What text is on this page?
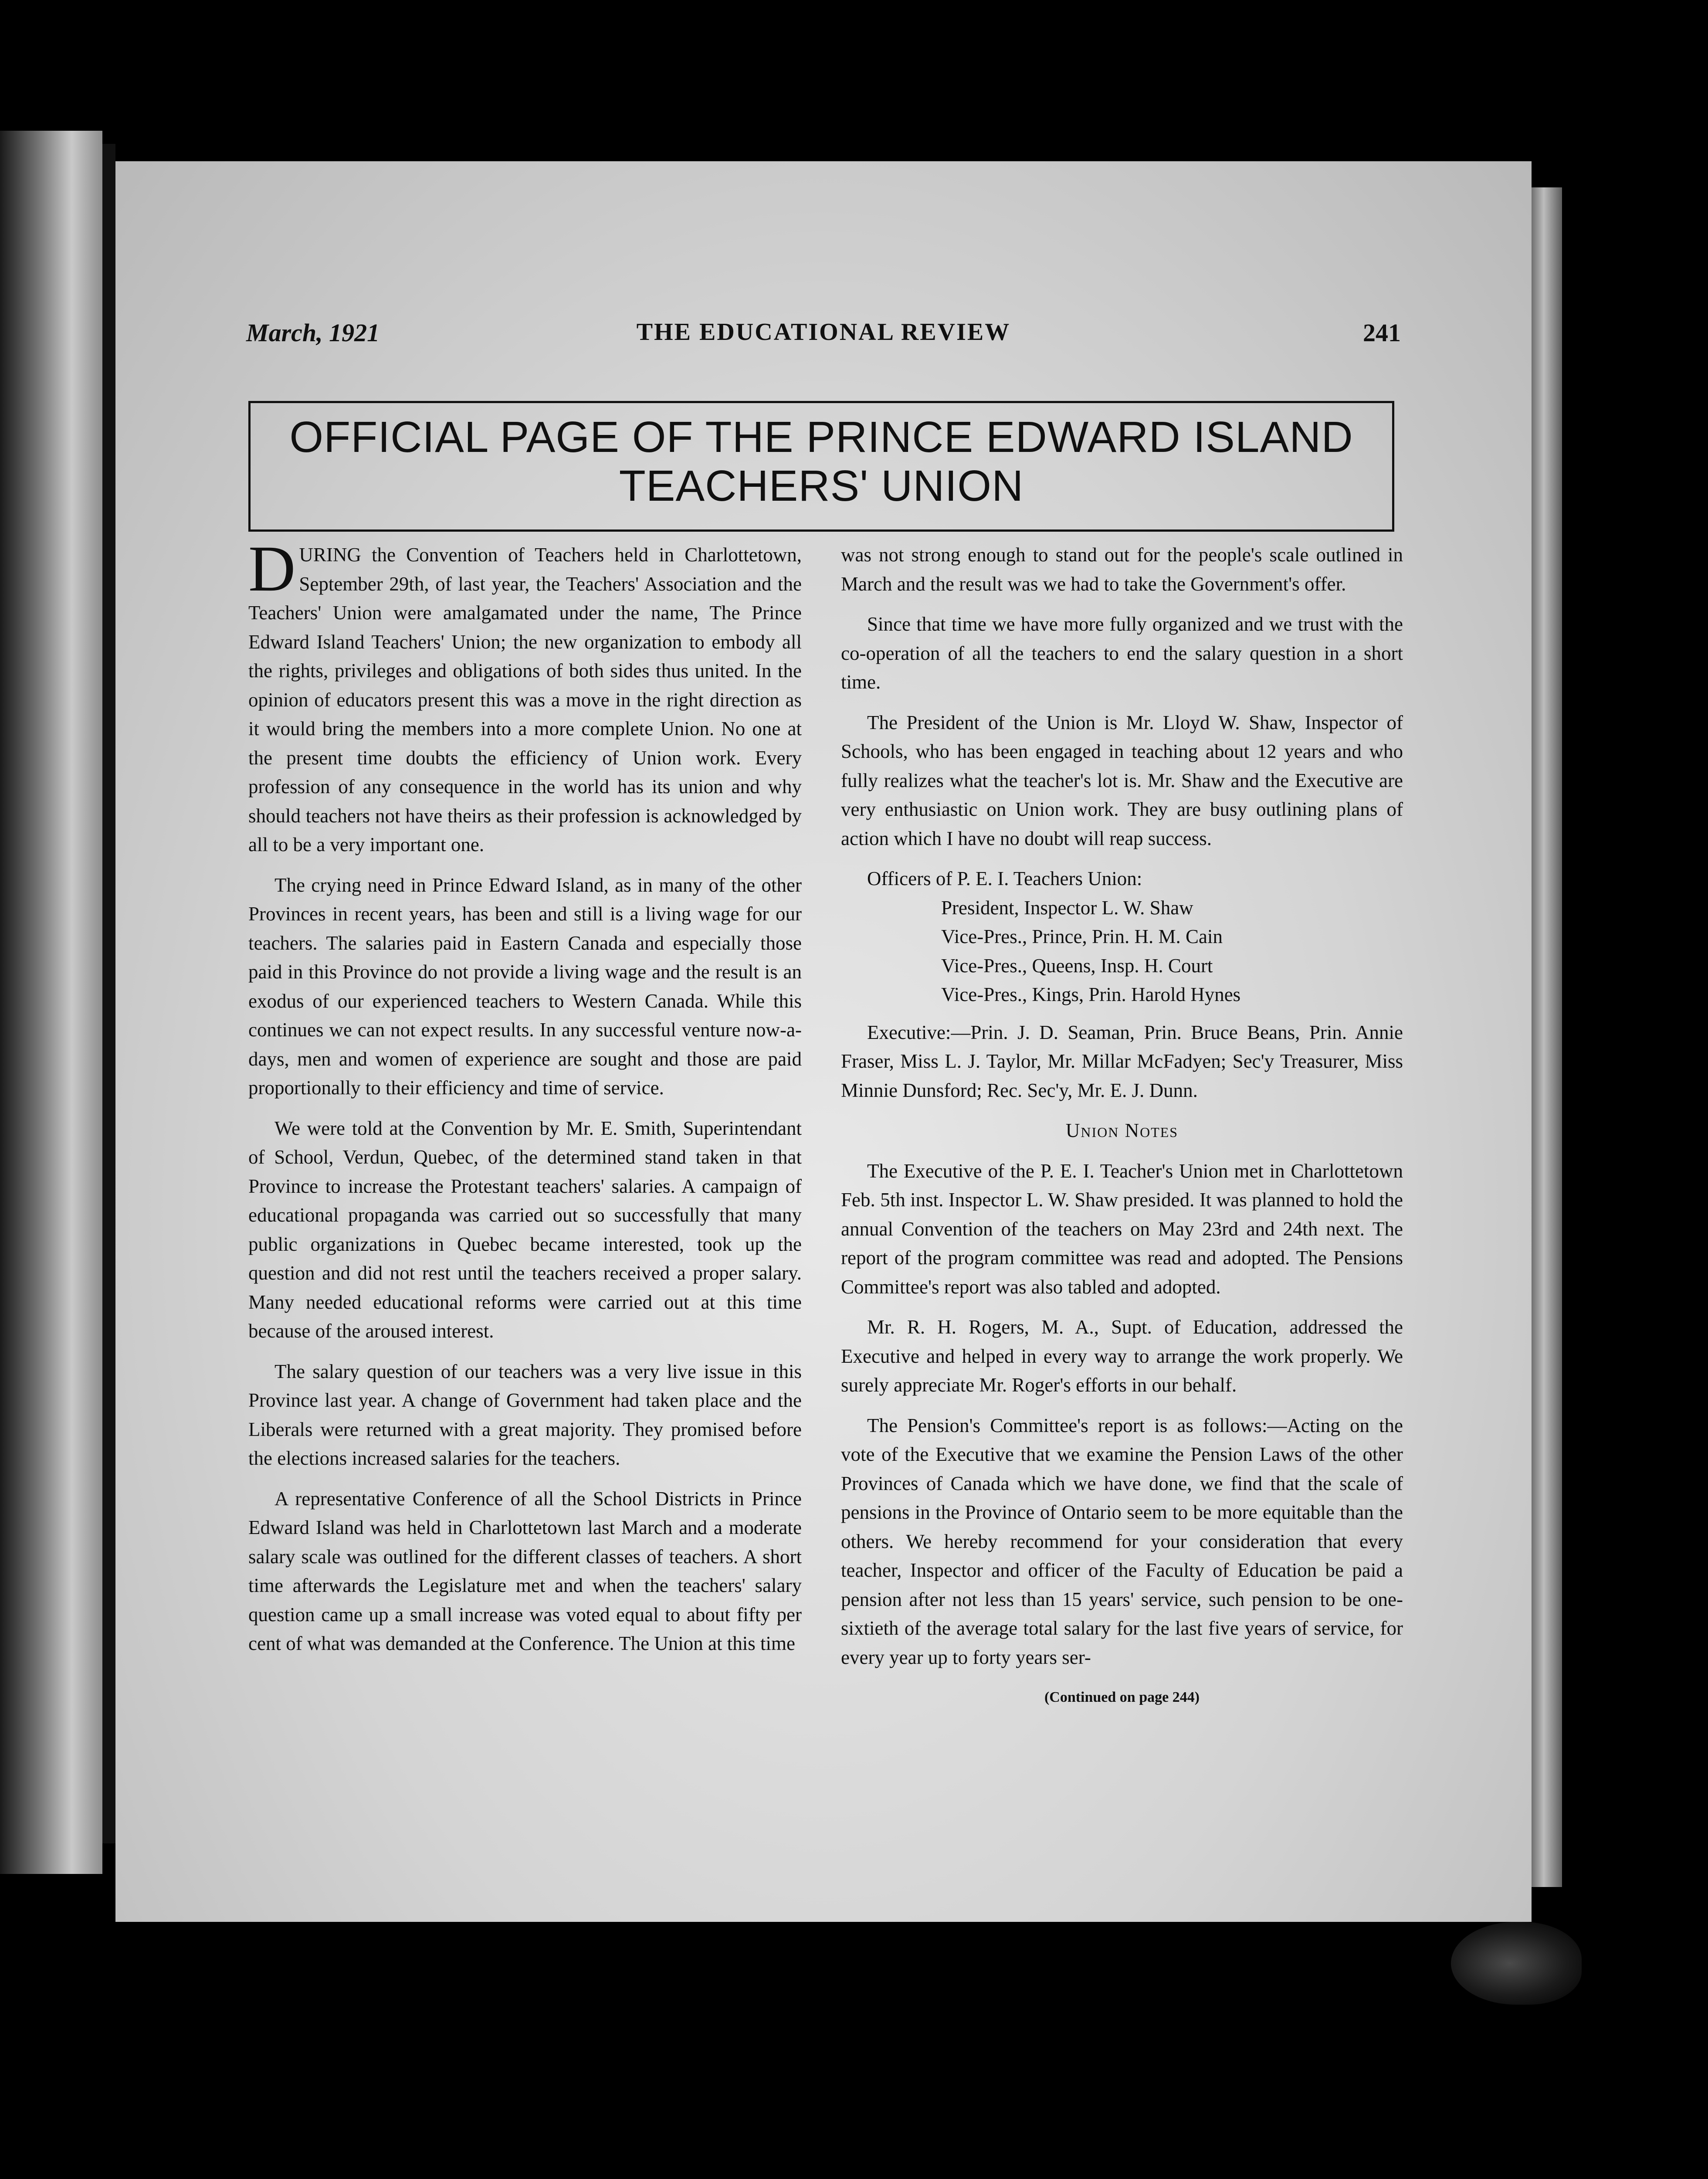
March, 1921	THE EDUCATIONAL REVIEW	241
OFFICIAL PAGE OF THE PRINCE EDWARD ISLAND
TEACHERS' UNION

DURING the Convention of Teachers held in Charlottetown, September 29th, of last year, the Teachers' Association and the Teachers' Union were amalgamated under the name, The Prince Edward Island Teachers' Union; the new organization to embody all the rights, privileges and obligations of both sides thus united. In the opinion of educators present this was a move in the right direction as it would bring the members into a more complete Union. No one at the present time doubts the efficiency of Union work. Every profession of any consequence in the world has its union and why should teachers not have theirs as their profession is acknowledged by all to be a very important one.

The crying need in Prince Edward Island, as in many of the other Provinces in recent years, has been and still is a living wage for our teachers. The salaries paid in Eastern Canada and especially those paid in this Province do not provide a living wage and the result is an exodus of our experienced teachers to Western Canada. While this continues we can not expect results. In any successful venture now-a-days, men and women of experience are sought and those are paid proportionally to their efficiency and time of service.

We were told at the Convention by Mr. E. Smith, Superintendant of School, Verdun, Quebec, of the determined stand taken in that Province to increase the Protestant teachers' salaries. A campaign of educational propaganda was carried out so successfully that many public organizations in Quebec became interested, took up the question and did not rest until the teachers received a proper salary. Many needed educational reforms were carried out at this time because of the aroused interest.

The salary question of our teachers was a very live issue in this Province last year. A change of Government had taken place and the Liberals were returned with a great majority. They promised before the elections increased salaries for the teachers.

A representative Conference of all the School Districts in Prince Edward Island was held in Charlottetown last March and a moderate salary scale was outlined for the different classes of teachers. A short time afterwards the Legislature met and when the teachers' salary question came up a small increase was voted equal to about fifty per cent of what was demanded at the Conference. The Union at this time

was not strong enough to stand out for the people's scale outlined in March and the result was we had to take the Government's offer.

Since that time we have more fully organized and we trust with the co-operation of all the teachers to end the salary question in a short time.

The President of the Union is Mr. Lloyd W. Shaw, Inspector of Schools, who has been engaged in teaching about 12 years and who fully realizes what the teacher's lot is. Mr. Shaw and the Executive are very enthusiastic on Union work. They are busy outlining plans of action which I have no doubt will reap success.

Officers of P. E. I. Teachers Union:
President, Inspector L. W. Shaw
Vice-Pres., Prince, Prin. H. M. Cain
Vice-Pres., Queens, Insp. H. Court
Vice-Pres., Kings, Prin. Harold Hynes

Executive:—Prin. J. D. Seaman, Prin. Bruce Beans, Prin. Annie Fraser, Miss L. J. Taylor, Mr. Millar McFadyen; Sec'y Treasurer, Miss Minnie Dunsford; Rec. Sec'y, Mr. E. J. Dunn.

Union Notes

The Executive of the P. E. I. Teacher's Union met in Charlottetown Feb. 5th inst. Inspector L. W. Shaw presided. It was planned to hold the annual Convention of the teachers on May 23rd and 24th next. The report of the program committee was read and adopted. The Pensions Committee's report was also tabled and adopted.

Mr. R. H. Rogers, M. A., Supt. of Education, addressed the Executive and helped in every way to arrange the work properly. We surely appreciate Mr. Roger's efforts in our behalf.

The Pension's Committee's report is as follows:—Acting on the vote of the Executive that we examine the Pension Laws of the other Provinces of Canada which we have done, we find that the scale of pensions in the Province of Ontario seem to be more equitable than the others. We hereby recommend for your consideration that every teacher, Inspector and officer of the Faculty of Education be paid a pension after not less than 15 years' service, such pension to be one-sixtieth of the average total salary for the last five years of service, for every year up to forty years ser-

(Continued on page 244)
